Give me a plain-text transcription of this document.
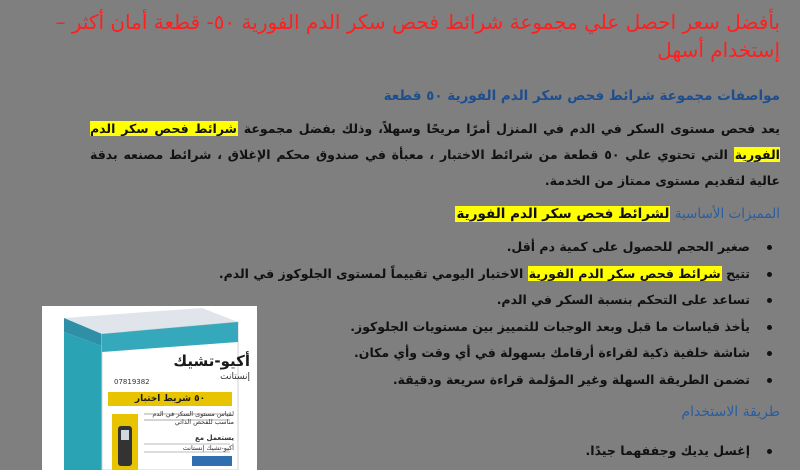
بأفضل سعر احصل علي مجموعة شرائط فحص سكر الدم الفورية ٥٠- قطعة أمان أكثر – إستخدام أسهل
مواصفات مجموعة شرائط فحص سكر الدم الفورية ٥٠ قطعة

يعد فحص مستوى السكر في الدم في المنزل أمرًا مريحًا وسهلاً، وذلك بفضل مجموعة شرائط فحص سكر الدم الفورية التي تحتوي علي ٥٠ قطعة من شرائط الاختبار ، معبأة في صندوق محكم الإغلاق ، شرائط مصنعه بدقة عالية لتقديم مستوى ممتاز من الخدمة.

المميزات الأساسية لشرائط فحص سكر الدم الفورية
صغير الحجم للحصول على كمية دم أقل.
تتيح شرائط فحص سكر الدم الفورية الاختبار اليومي تقييماً لمستوى الجلوكوز في الدم.
تساعد على التحكم بنسبة السكر في الدم.
يأخذ قياسات ما قبل وبعد الوجبات للتمييز بين مستويات الجلوكوز.
شاشة خلفية ذكية لقراءة أرقامك بسهولة في أي وقت وأي مكان.
تضمن الطريقة السهلة وغير المؤلمة قراءة سريعة ودقيقة.
طريقة الاستخدام
إغسل يديك وجففهما جيدًا.
أكيو-تشيك
إنستانت
07819382
٥٠ شريط اختبار
لقياس مستوى السكر في الدم مناسب للفحص الذاتي
يستعمل مع
أكيو-تشيك إنستانت
